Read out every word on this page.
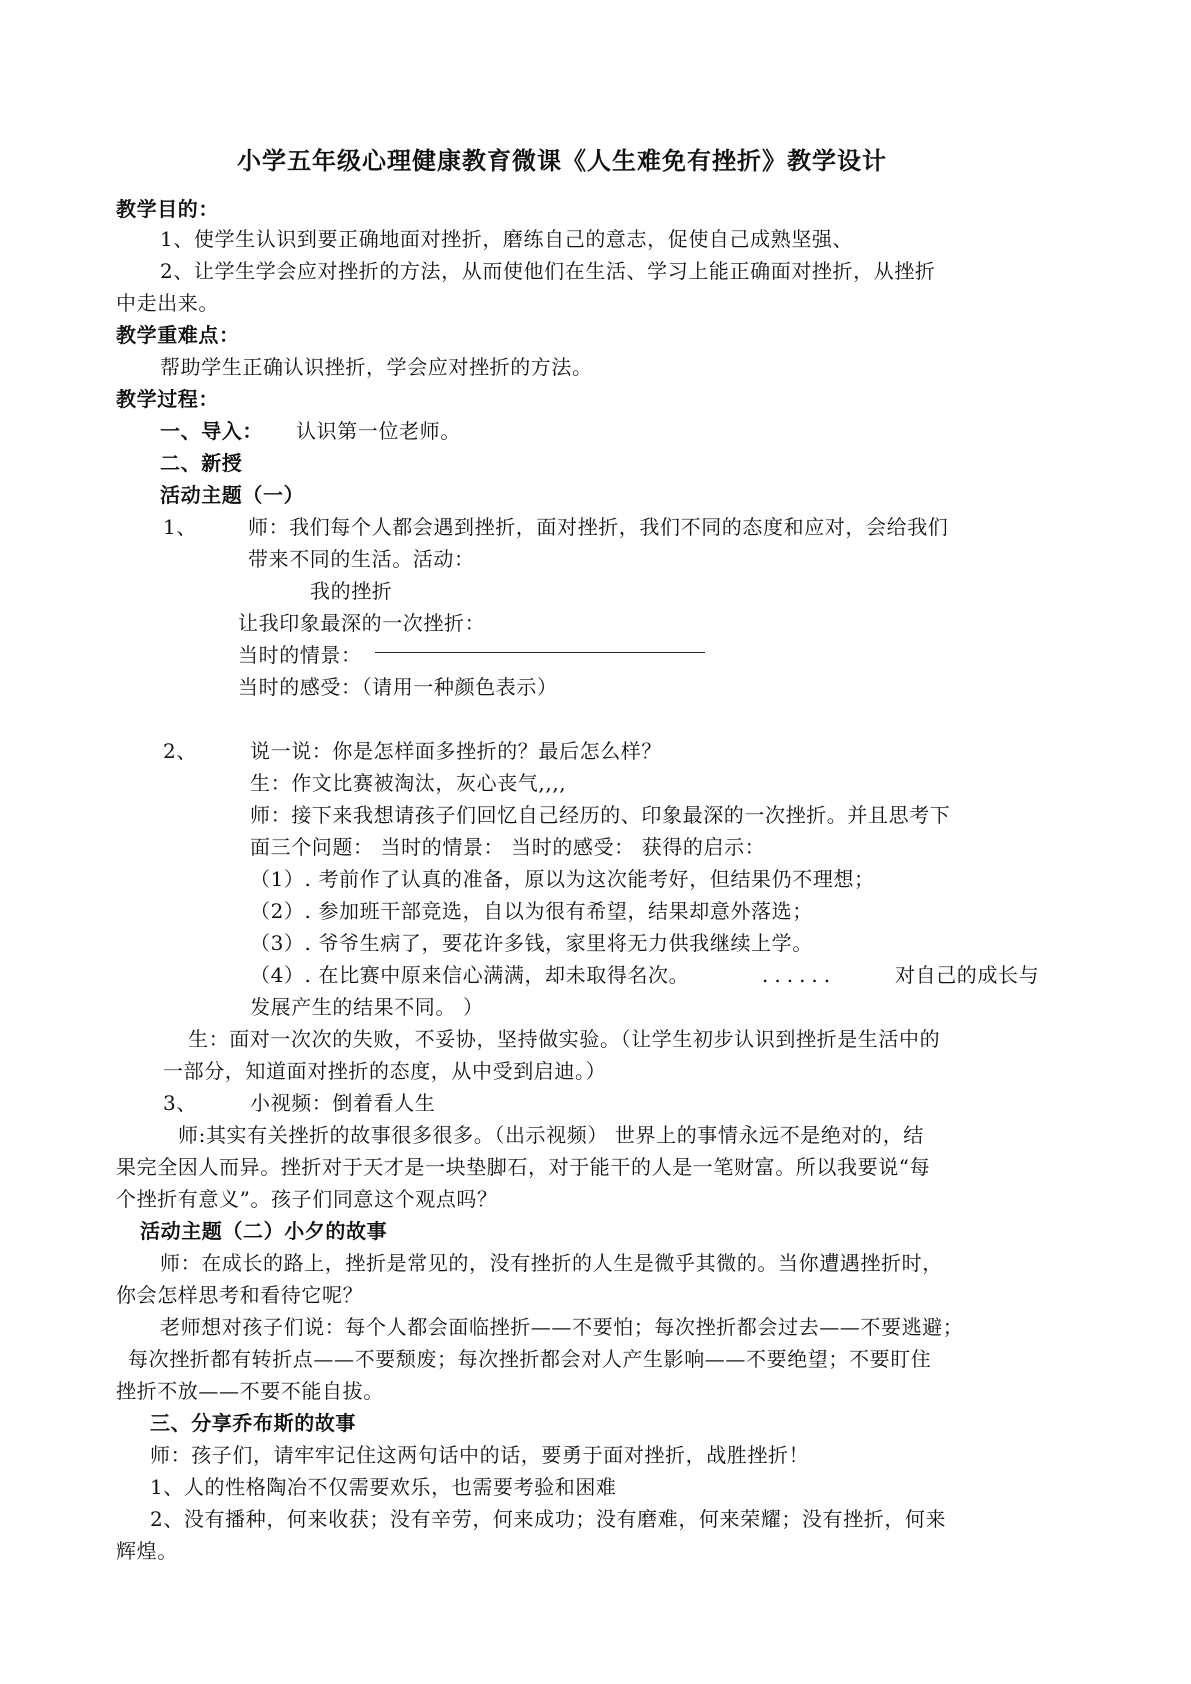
小学五年级心理健康教育微课《人生难免有挫折》教学设计
教学目的：
1、使学生认识到要正确地面对挫折，磨练自己的意志，促使自己成熟坚强、
2、让学生学会应对挫折的方法，从而使他们在生活、学习上能正确面对挫折，从挫折
中走出来。
教学重难点：
帮助学生正确认识挫折，学会应对挫折的方法。
教学过程：
一、导入： 认识第一位老师。
二、新授
活动主题（一）
1、	师：我们每个人都会遇到挫折，面对挫折，我们不同的态度和应对，会给我们
带来不同的生活。活动：
我的挫折
让我印象最深的一次挫折：
当时的情景：
当时的感受：（请用一种颜色表示）
2、	说一说：你是怎样面多挫折的？最后怎么样？
生：作文比赛被淘汰，灰心丧气,,,,
师：接下来我想请孩子们回忆自己经历的、印象最深的一次挫折。并且思考下
面三个问题： 当时的情景： 当时的感受： 获得的启示：
（1）. 考前作了认真的准备，原以为这次能考好，但结果仍不理想；
（2）. 参加班干部竞选，自以为很有希望，结果却意外落选；
（3）. 爷爷生病了，要花许多钱，家里将无力供我继续上学。
（4）. 在比赛中原来信心满满，却未取得名次。	......	对自己的成长与
发展产生的结果不同。 ）
生：面对一次次的失败，不妥协，坚持做实验。（让学生初步认识到挫折是生活中的
一部分，知道面对挫折的态度，从中受到启迪。）
3、	小视频：倒着看人生
师:其实有关挫折的故事很多很多。（出示视频） 世界上的事情永远不是绝对的，结
果完全因人而异。挫折对于天才是一块垫脚石，对于能干的人是一笔财富。所以我要说“每
个挫折有意义”。孩子们同意这个观点吗？
活动主题（二）小夕的故事
师：在成长的路上，挫折是常见的，没有挫折的人生是微乎其微的。当你遭遇挫折时，
你会怎样思考和看待它呢？
老师想对孩子们说：每个人都会面临挫折——不要怕；每次挫折都会过去——不要逃避；
每次挫折都有转折点——不要颓废；每次挫折都会对人产生影响——不要绝望；不要盯住
挫折不放——不要不能自拔。
三、分享乔布斯的故事
师：孩子们，请牢牢记住这两句话中的话，要勇于面对挫折，战胜挫折！
1、人的性格陶冶不仅需要欢乐，也需要考验和困难
2、没有播种，何来收获；没有辛劳，何来成功；没有磨难，何来荣耀；没有挫折，何来
辉煌。
